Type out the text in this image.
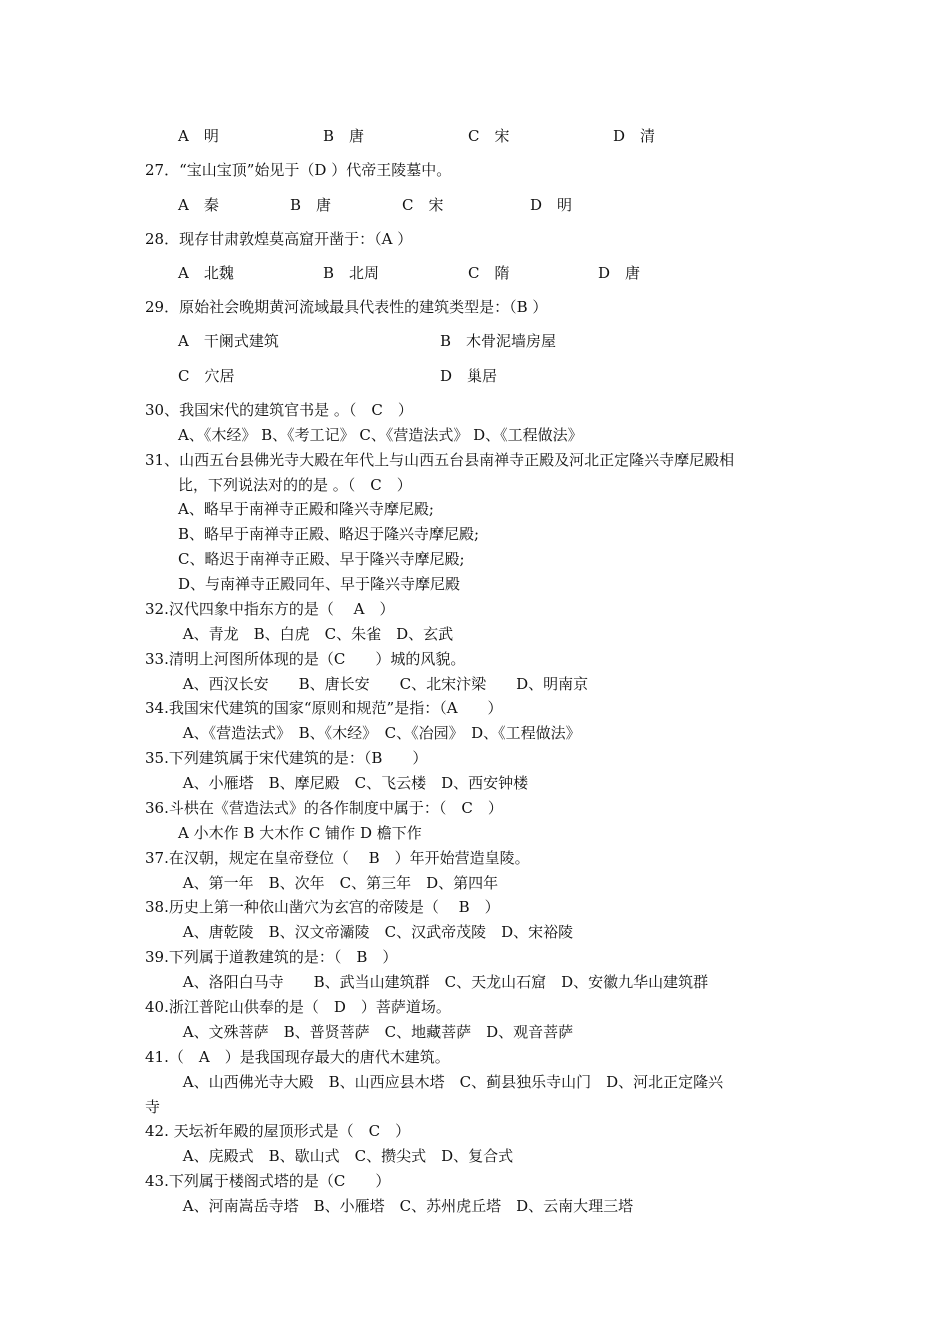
A　明	B　唐	C　宋	D　清
27．“宝山宝顶”始见于（D ）代帝王陵墓中。
A　秦	B　唐	C　宋	D　明
28．现存甘肃敦煌莫高窟开凿于：（A ）
A　北魏	B　北周	C　隋	D　唐
29．原始社会晚期黄河流域最具代表性的建筑类型是：（B ）
A　干阑式建筑	B　木骨泥墙房屋
C　穴居	D　巢居
30、我国宋代的建筑官书是 。（　C　）
A、《木经》 B、《考工记》 C、《营造法式》 D、《工程做法》
31、山西五台县佛光寺大殿在年代上与山西五台县南禅寺正殿及河北正定隆兴寺摩尼殿相
比，下列说法对的的是 。（　C　）
A、略早于南禅寺正殿和隆兴寺摩尼殿;
B、略早于南禅寺正殿、略迟于隆兴寺摩尼殿;
C、略迟于南禅寺正殿、早于隆兴寺摩尼殿;
D、与南禅寺正殿同年、早于隆兴寺摩尼殿
32.汉代四象中指东方的是（　 A　）
A、青龙　B、白虎　C、朱雀　D、玄武
33.清明上河图所体现的是（C　　）城的风貌。
A、西汉长安　　B、唐长安　　C、北宋汴梁　　D、明南京
34.我国宋代建筑的国家“原则和规范”是指：（A　　）
A、《营造法式》　B、《木经》　C、《冶园》　D、《工程做法》
35.下列建筑属于宋代建筑的是：（B　　）
A、小雁塔　B、摩尼殿　C、飞云楼　D、西安钟楼
36.斗栱在《营造法式》的各作制度中属于：（　C　）
A 小木作 B 大木作 C 铺作 D 檐下作
37.在汉朝，规定在皇帝登位（　 B　）年开始营造皇陵。
A、第一年　B、次年　C、第三年　D、第四年
38.历史上第一种依山凿穴为玄宫的帝陵是（　 B　）
A、唐乾陵　B、汉文帝灞陵　C、汉武帝茂陵　D、宋裕陵
39.下列属于道教建筑的是：（　B　）
A、洛阳白马寺　　B、武当山建筑群　C、天龙山石窟　D、安徽九华山建筑群
40.浙江普陀山供奉的是（　D　）菩萨道场。
A、文殊菩萨　B、普贤菩萨　C、地藏菩萨　D、观音菩萨
41.（　A　）是我国现存最大的唐代木建筑。
A、山西佛光寺大殿　B、山西应县木塔　C、蓟县独乐寺山门　D、河北正定隆兴
寺
42. 天坛祈年殿的屋顶形式是（　C　）
A、庑殿式　B、歇山式　C、攒尖式　D、复合式
43.下列属于楼阁式塔的是（C　　）
A、河南嵩岳寺塔　B、小雁塔　C、苏州虎丘塔　D、云南大理三塔
